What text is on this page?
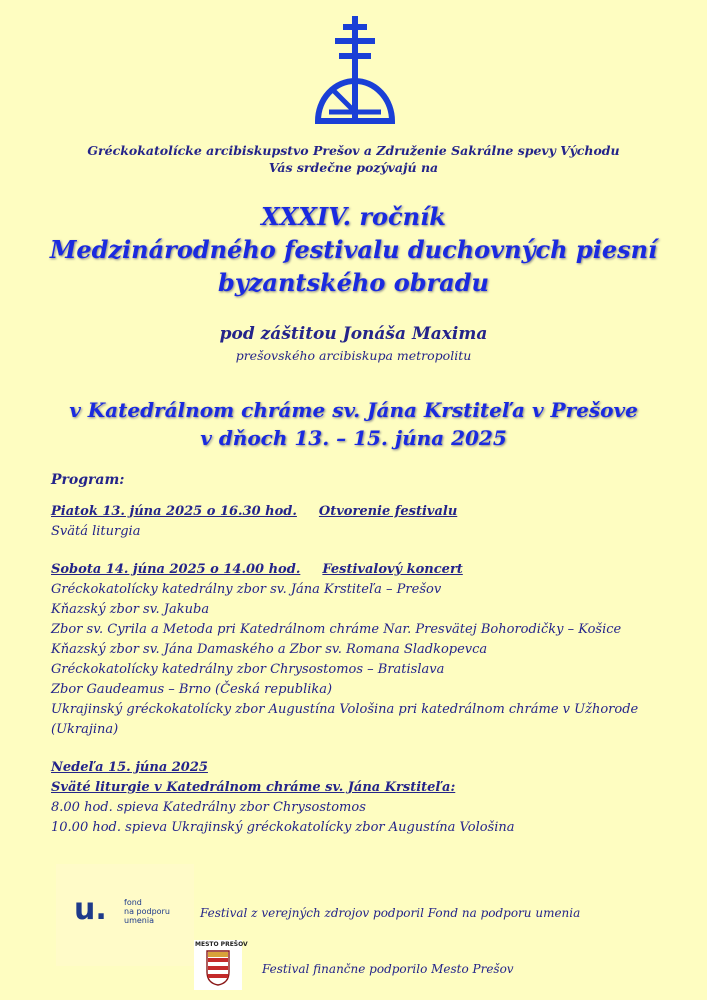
Gréckokatolícke arcibiskupstvo Prešov a Združenie Sakrálne spevy Východu
Vás srdečne pozývajú na
XXXIV. ročník
Medzinárodného festivalu duchovných piesní
byzantského obradu
pod záštitou Jonáša Maxima
prešovského arcibiskupa metropolitu
v Katedrálnom chráme sv. Jána Krstiteľa v Prešove
v dňoch 13. – 15. júna 2025
Program:
Piatok 13. júna 2025 o 16.30 hod. Otvorenie festivalu
Svätá liturgia
Sobota 14. júna 2025 o 14.00 hod. Festivalový koncert
Gréckokatolícky katedrálny zbor sv. Jána Krstiteľa – Prešov
Kňazský zbor sv. Jakuba
Zbor sv. Cyrila a Metoda pri Katedrálnom chráme Nar. Presvätej Bohorodičky – Košice
Kňazský zbor sv. Jána Damaského a Zbor sv. Romana Sladkopevca
Gréckokatolícky katedrálny zbor Chrysostomos – Bratislava
Zbor Gaudeamus – Brno (Česká republika)
Ukrajinský gréckokatolícky zbor Augustína Vološina pri katedrálnom chráme v Užhorode (Ukrajina)
Nedeľa 15. júna 2025
Sväté liturgie v Katedrálnom chráme sv. Jána Krstiteľa:
8.00 hod. spieva Katedrálny zbor Chrysostomos
10.00 hod. spieva Ukrajinský gréckokatolícky zbor Augustína Vološina
u. fond
na podporu
umenia
Festival z verejných zdrojov podporil Fond na podporu umenia
MESTO PREŠOV
Festival finančne podporilo Mesto Prešov
